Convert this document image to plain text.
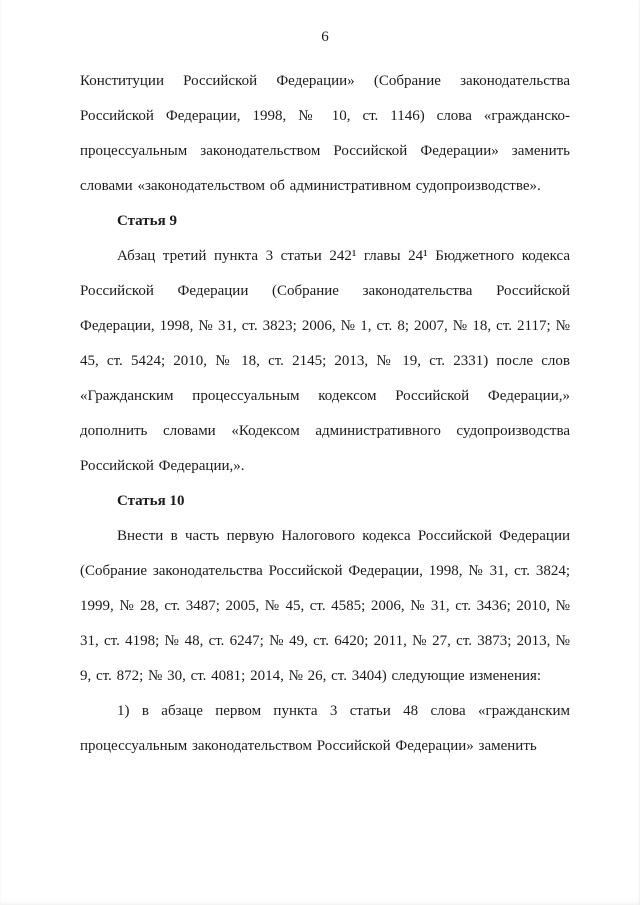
6

Конституции Российской Федерации» (Собрание законодательства Российской Федерации, 1998, № 10, ст. 1146) слова «гражданско-процессуальным законодательством Российской Федерации» заменить словами «законодательством об административном судопроизводстве».

Статья 9

Абзац третий пункта 3 статьи 242¹ главы 24¹ Бюджетного кодекса Российской Федерации (Собрание законодательства Российской Федерации, 1998, № 31, ст. 3823; 2006, № 1, ст. 8; 2007, № 18, ст. 2117; № 45, ст. 5424; 2010, № 18, ст. 2145; 2013, № 19, ст. 2331) после слов «Гражданским процессуальным кодексом Российской Федерации,» дополнить словами «Кодексом административного судопроизводства Российской Федерации,».

Статья 10

Внести в часть первую Налогового кодекса Российской Федерации (Собрание законодательства Российской Федерации, 1998, № 31, ст. 3824; 1999, № 28, ст. 3487; 2005, № 45, ст. 4585; 2006, № 31, ст. 3436; 2010, № 31, ст. 4198; № 48, ст. 6247; № 49, ст. 6420; 2011, № 27, ст. 3873; 2013, № 9, ст. 872; № 30, ст. 4081; 2014, № 26, ст. 3404) следующие изменения:

1) в абзаце первом пункта 3 статьи 48 слова «гражданским процессуальным законодательством Российской Федерации» заменить
